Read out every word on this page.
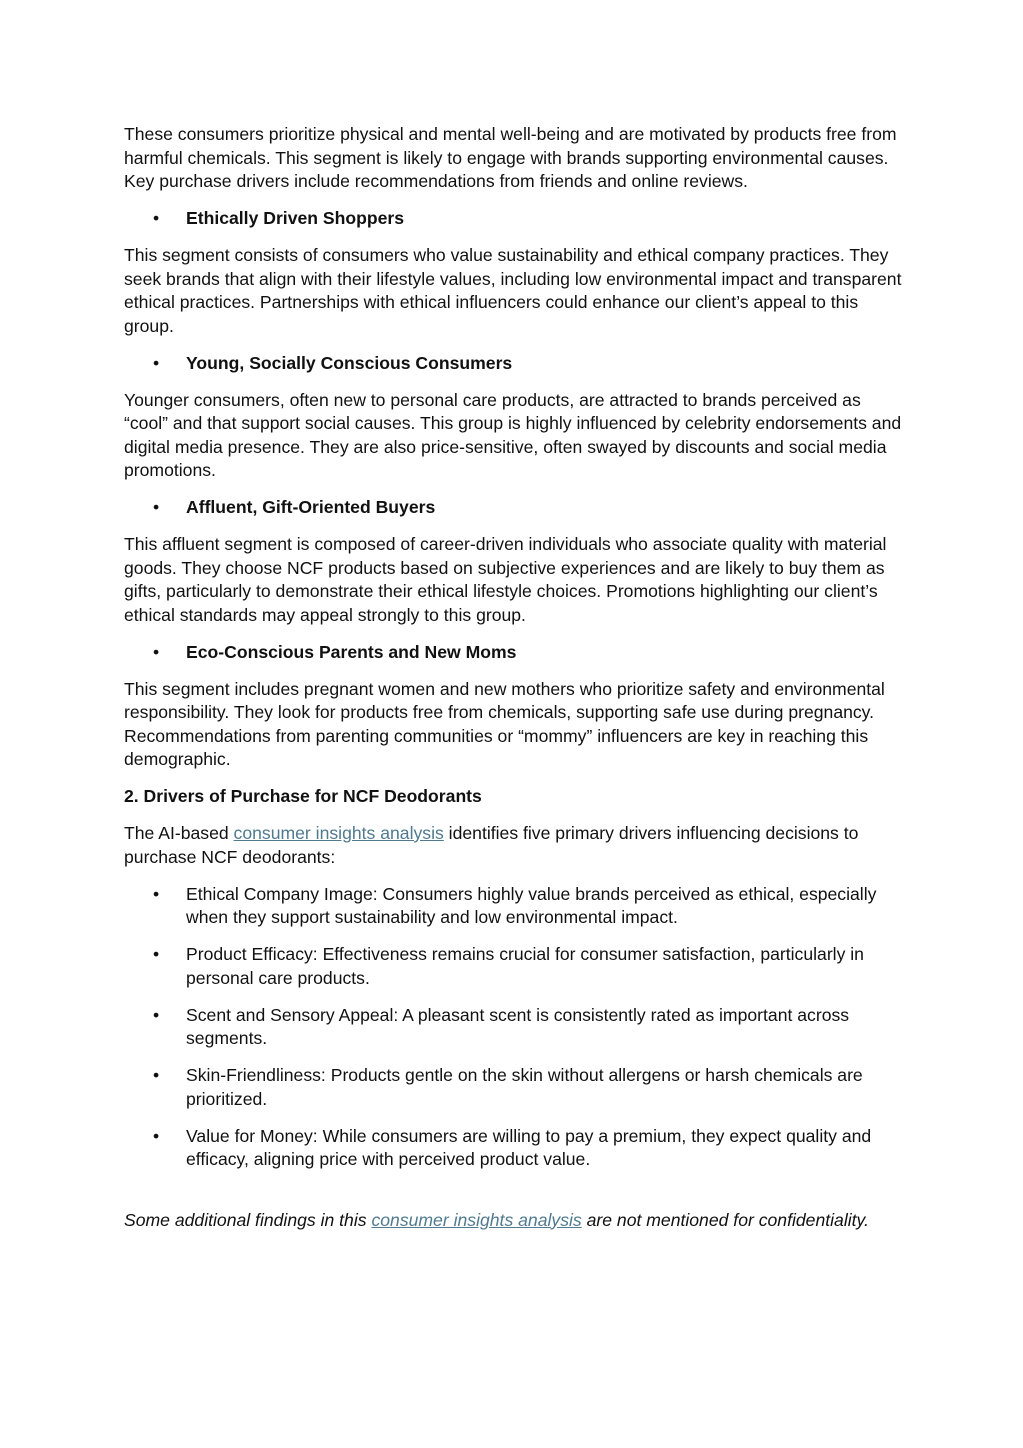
These consumers prioritize physical and mental well-being and are motivated by products free from harmful chemicals. This segment is likely to engage with brands supporting environmental causes. Key purchase drivers include recommendations from friends and online reviews.

• Ethically Driven Shoppers

This segment consists of consumers who value sustainability and ethical company practices. They seek brands that align with their lifestyle values, including low environmental impact and transparent ethical practices. Partnerships with ethical influencers could enhance our client’s appeal to this group.

• Young, Socially Conscious Consumers

Younger consumers, often new to personal care products, are attracted to brands perceived as “cool” and that support social causes. This group is highly influenced by celebrity endorsements and digital media presence. They are also price-sensitive, often swayed by discounts and social media promotions.

• Affluent, Gift-Oriented Buyers

This affluent segment is composed of career-driven individuals who associate quality with material goods. They choose NCF products based on subjective experiences and are likely to buy them as gifts, particularly to demonstrate their ethical lifestyle choices. Promotions highlighting our client’s ethical standards may appeal strongly to this group.

• Eco-Conscious Parents and New Moms

This segment includes pregnant women and new mothers who prioritize safety and environmental responsibility. They look for products free from chemicals, supporting safe use during pregnancy. Recommendations from parenting communities or “mommy” influencers are key in reaching this demographic.

2. Drivers of Purchase for NCF Deodorants

The AI-based consumer insights analysis identifies five primary drivers influencing decisions to purchase NCF deodorants:

• Ethical Company Image: Consumers highly value brands perceived as ethical, especially when they support sustainability and low environmental impact.
• Product Efficacy: Effectiveness remains crucial for consumer satisfaction, particularly in personal care products.
• Scent and Sensory Appeal: A pleasant scent is consistently rated as important across segments.
• Skin-Friendliness: Products gentle on the skin without allergens or harsh chemicals are prioritized.
• Value for Money: While consumers are willing to pay a premium, they expect quality and efficacy, aligning price with perceived product value.

Some additional findings in this consumer insights analysis are not mentioned for confidentiality.
